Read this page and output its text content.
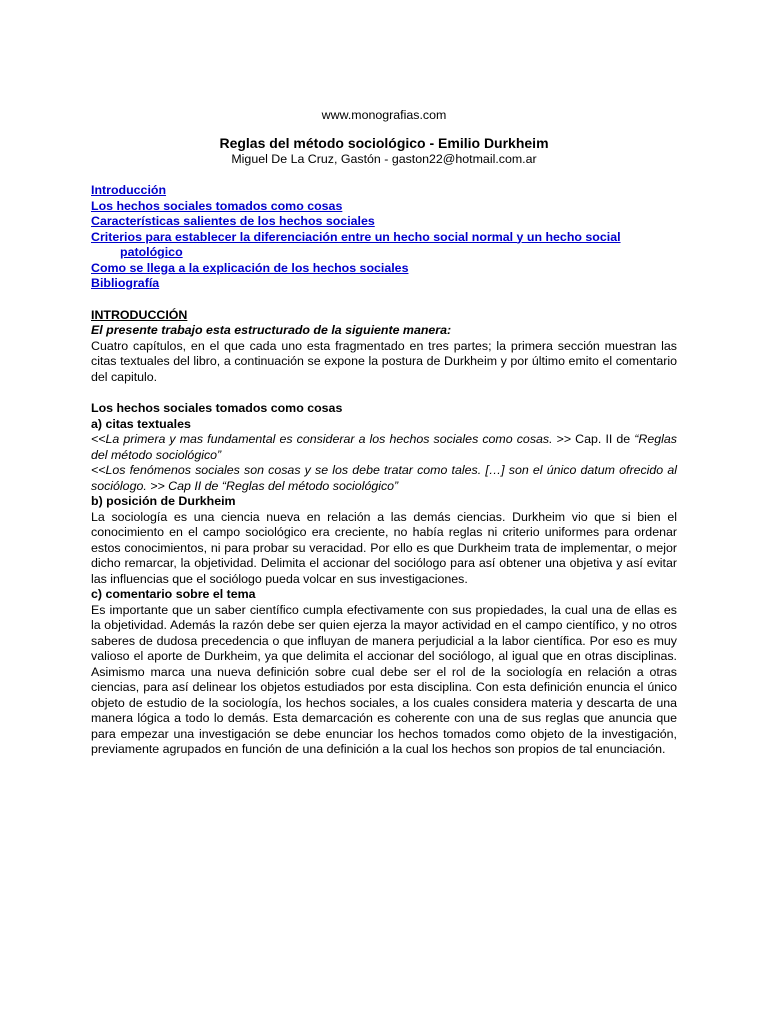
www.monografias.com
Reglas del método sociológico - Emilio Durkheim
Miguel De La Cruz, Gastón - gaston22@hotmail.com.ar
Introducción
Los hechos sociales tomados como cosas
Características salientes de los hechos sociales
Criterios para establecer la diferenciación entre un hecho social normal y un hecho social
patológico
Como se llega a la explicación de los hechos sociales
Bibliografía
INTRODUCCIÓN
El presente trabajo esta estructurado de la siguiente manera:
Cuatro capítulos, en el que cada uno esta fragmentado en tres partes; la primera sección muestran las citas textuales del libro, a continuación se expone la postura de Durkheim y por último emito el comentario del capitulo.
Los hechos sociales tomados como cosas
a) citas textuales
<<La primera y mas fundamental es considerar a los hechos sociales como cosas. >> Cap. II de “Reglas del método sociológico”
<<Los fenómenos sociales son cosas y se los debe tratar como tales. […] son el único datum ofrecido al sociólogo. >> Cap II de “Reglas del método sociológico”
b) posición de Durkheim
La sociología es una ciencia nueva en relación a las demás ciencias. Durkheim vio que si bien el conocimiento en el campo sociológico era creciente, no había reglas ni criterio uniformes para ordenar estos conocimientos, ni para probar su veracidad. Por ello es que Durkheim trata de implementar, o mejor dicho remarcar, la objetividad. Delimita el accionar del sociólogo para así obtener una objetiva y así evitar las influencias que el sociólogo pueda volcar en sus investigaciones.
c) comentario sobre el tema
Es importante que un saber científico cumpla efectivamente con sus propiedades, la cual una de ellas es la objetividad. Además la razón debe ser quien ejerza la mayor actividad en el campo científico, y no otros saberes de dudosa precedencia o que influyan de manera perjudicial a la labor científica. Por eso es muy valioso el aporte de Durkheim, ya que delimita el accionar del sociólogo, al igual que en otras disciplinas. Asimismo marca una nueva definición sobre cual debe ser el rol de la sociología en relación a otras ciencias, para así delinear los objetos estudiados por esta disciplina. Con esta definición enuncia el único objeto de estudio de la sociología, los hechos sociales, a los cuales considera materia y descarta de una manera lógica a todo lo demás. Esta demarcación es coherente con una de sus reglas que anuncia que para empezar una investigación se debe enunciar los hechos tomados como objeto de la investigación, previamente agrupados en función de una definición a la cual los hechos son propios de tal enunciación.
